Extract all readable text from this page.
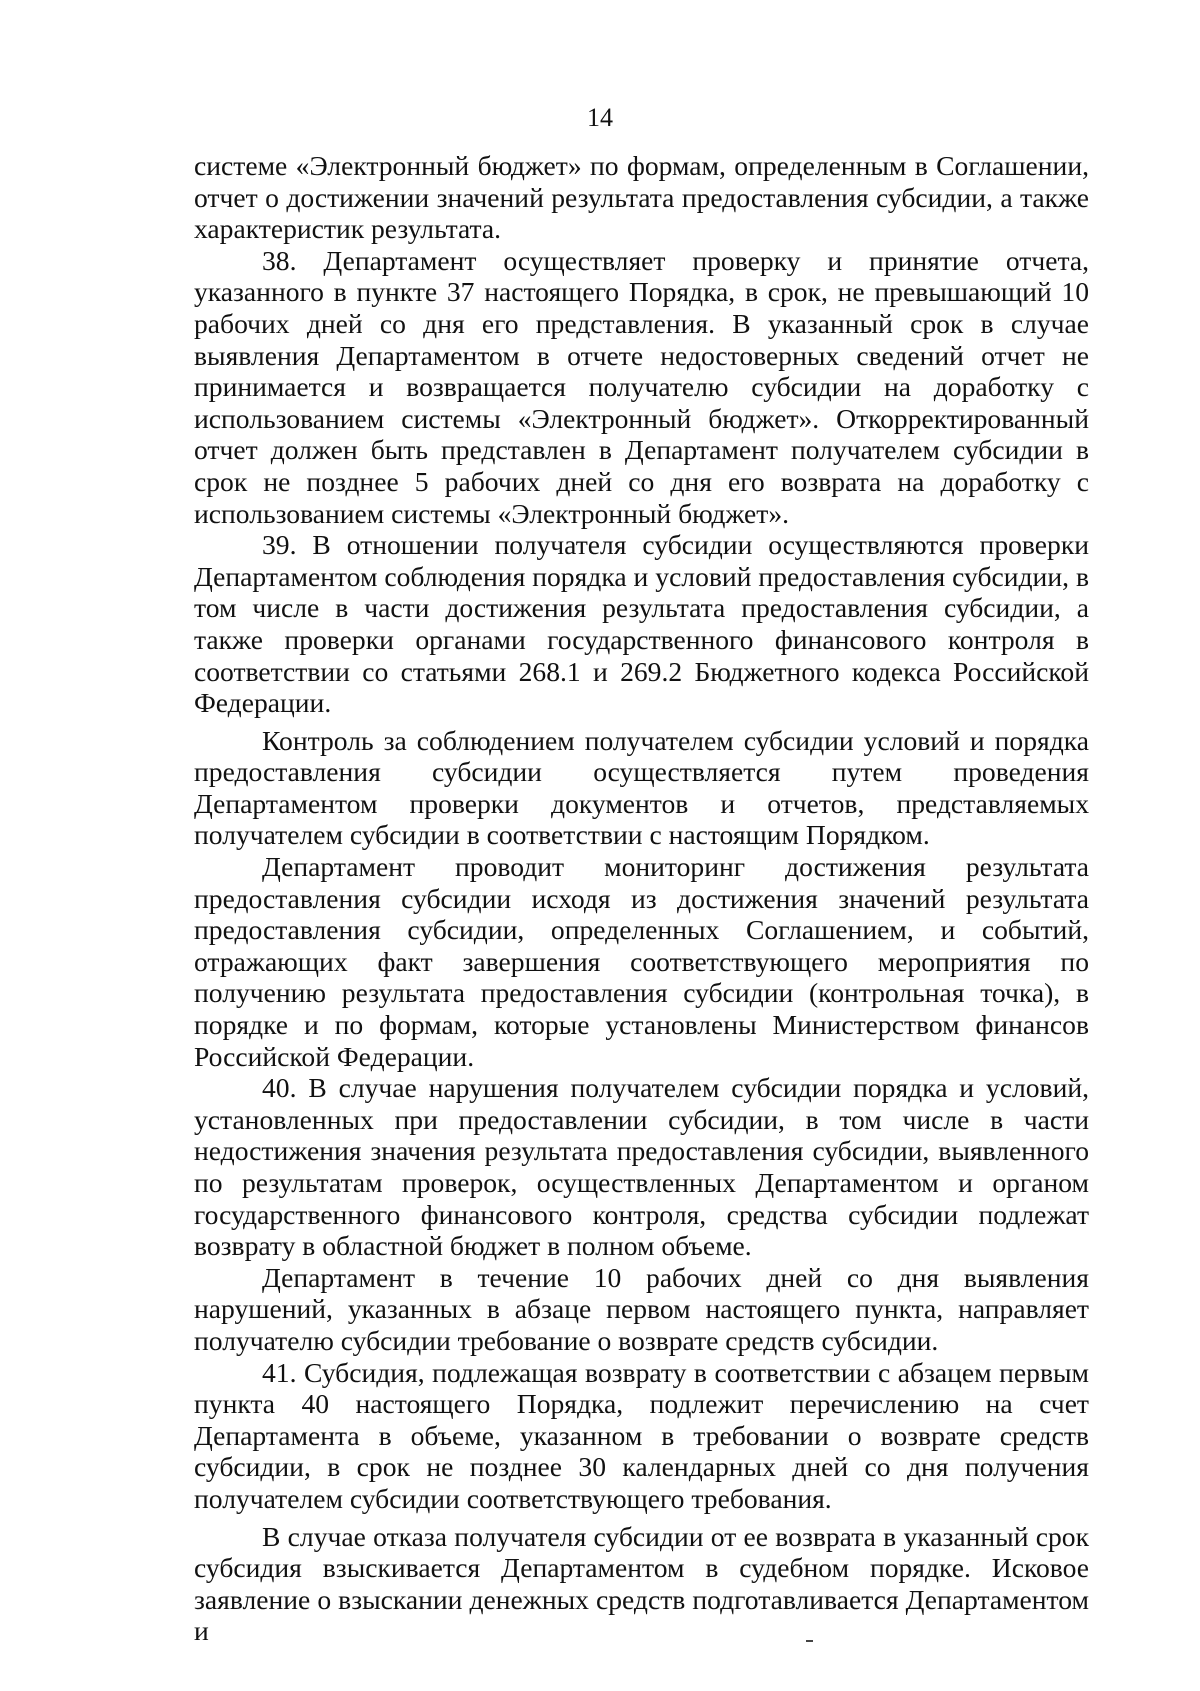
14

системе «Электронный бюджет» по формам, определенным в Соглашении, отчет о достижении значений результата предоставления субсидии, а также характеристик результата.

38. Департамент осуществляет проверку и принятие отчета, указанного в пункте 37 настоящего Порядка, в срок, не превышающий 10 рабочих дней со дня его представления. В указанный срок в случае выявления Департаментом в отчете недостоверных сведений отчет не принимается и возвращается получателю субсидии на доработку с использованием системы «Электронный бюджет». Откорректированный отчет должен быть представлен в Департамент получателем субсидии в срок не позднее 5 рабочих дней со дня его возврата на доработку с использованием системы «Электронный бюджет».

39. В отношении получателя субсидии осуществляются проверки Департаментом соблюдения порядка и условий предоставления субсидии, в том числе в части достижения результата предоставления субсидии, а также проверки органами государственного финансового контроля в соответствии со статьями 268.1 и 269.2 Бюджетного кодекса Российской Федерации.

Контроль за соблюдением получателем субсидии условий и порядка предоставления субсидии осуществляется путем проведения Департаментом проверки документов и отчетов, представляемых получателем субсидии в соответствии с настоящим Порядком.

Департамент проводит мониторинг достижения результата предоставления субсидии исходя из достижения значений результата предоставления субсидии, определенных Соглашением, и событий, отражающих факт завершения соответствующего мероприятия по получению результата предоставления субсидии (контрольная точка), в порядке и по формам, которые установлены Министерством финансов Российской Федерации.

40. В случае нарушения получателем субсидии порядка и условий, установленных при предоставлении субсидии, в том числе в части недостижения значения результата предоставления субсидии, выявленного по результатам проверок, осуществленных Департаментом и органом государственного финансового контроля, средства субсидии подлежат возврату в областной бюджет в полном объеме.

Департамент в течение 10 рабочих дней со дня выявления нарушений, указанных в абзаце первом настоящего пункта, направляет получателю субсидии требование о возврате средств субсидии.

41. Субсидия, подлежащая возврату в соответствии с абзацем первым пункта 40 настоящего Порядка, подлежит перечислению на счет Департамента в объеме, указанном в требовании о возврате средств субсидии, в срок не позднее 30 календарных дней со дня получения получателем субсидии соответствующего требования.

В случае отказа получателя субсидии от ее возврата в указанный срок субсидия взыскивается Департаментом в судебном порядке. Исковое заявление о взыскании денежных средств подготавливается Департаментом и
